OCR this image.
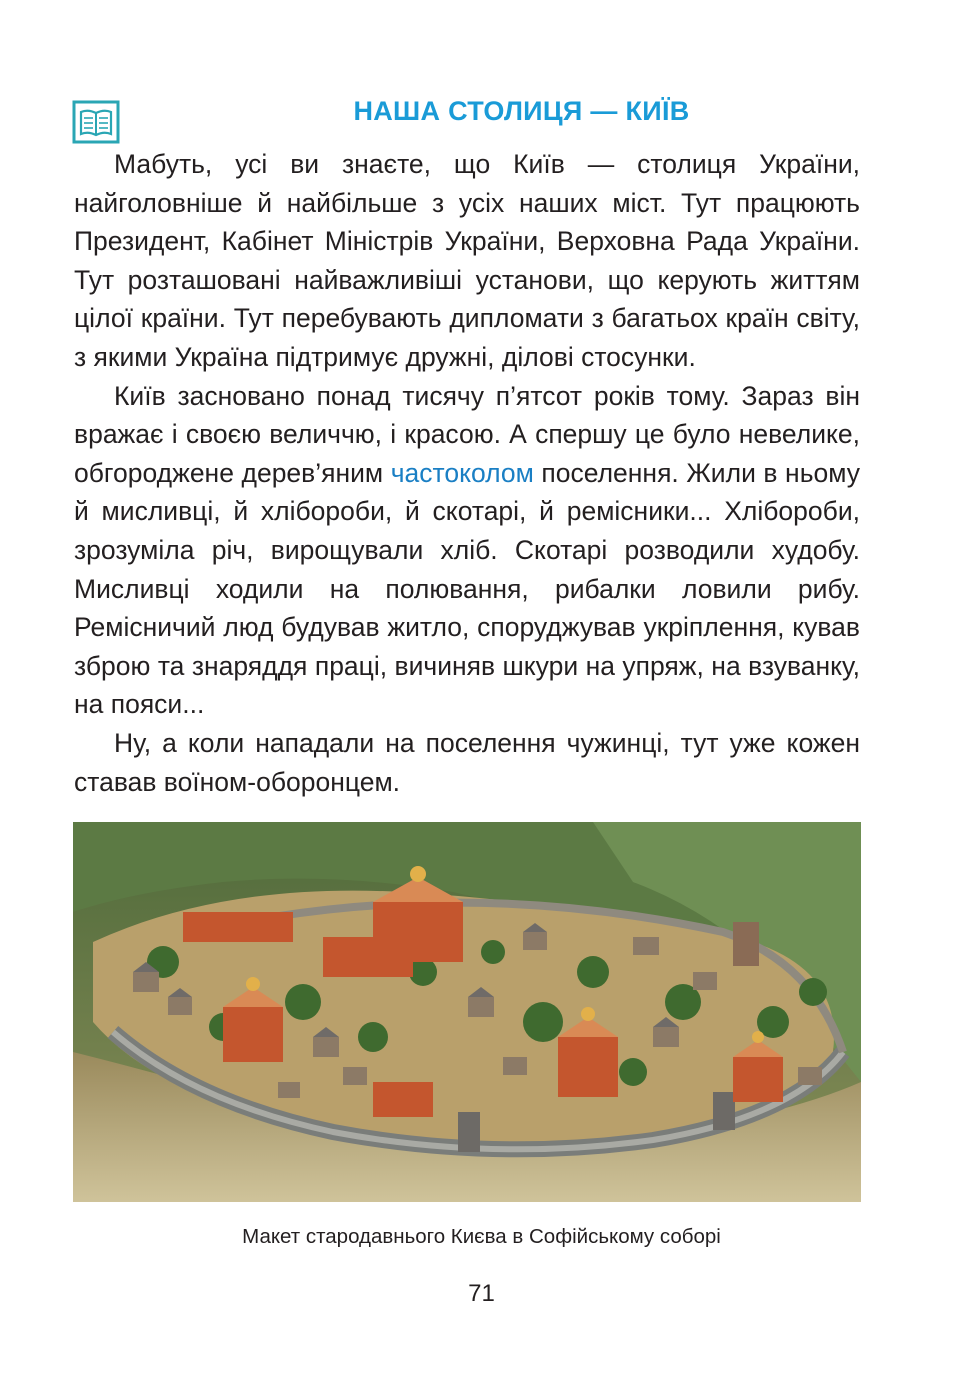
НАША СТОЛИЦЯ — КИЇВ

Мабуть, усі ви знаєте, що Київ — столиця України, найголовніше й найбільше з усіх наших міст. Тут працюють Президент, Кабінет Міністрів України, Верховна Рада України. Тут розташовані найважливіші установи, що керують життям цілої країни. Тут перебувають дипломати з багатьох країн світу, з якими Україна підтримує дружні, ділові стосунки.

Київ засновано понад тисячу п’ятсот років тому. Зараз він вражає і своєю величчю, і красою. А спершу це було невелике, обгороджене дерев’яним частоколом поселення. Жили в ньому й мисливці, й хлібороби, й скотарі, й ремісники... Хлібороби, зрозуміла річ, вирощували хліб. Скотарі розводили худобу. Мисливці ходили на полювання, рибалки ловили рибу. Ремісничий люд будував житло, споруджував укріплення, кував зброю та знаряддя праці, вичиняв шкури на упряж, на взуванку, на пояси...

Ну, а коли нападали на поселення чужинці, тут уже кожен ставав воїном-оборонцем.

Макет стародавнього Києва в Софійському соборі
71
